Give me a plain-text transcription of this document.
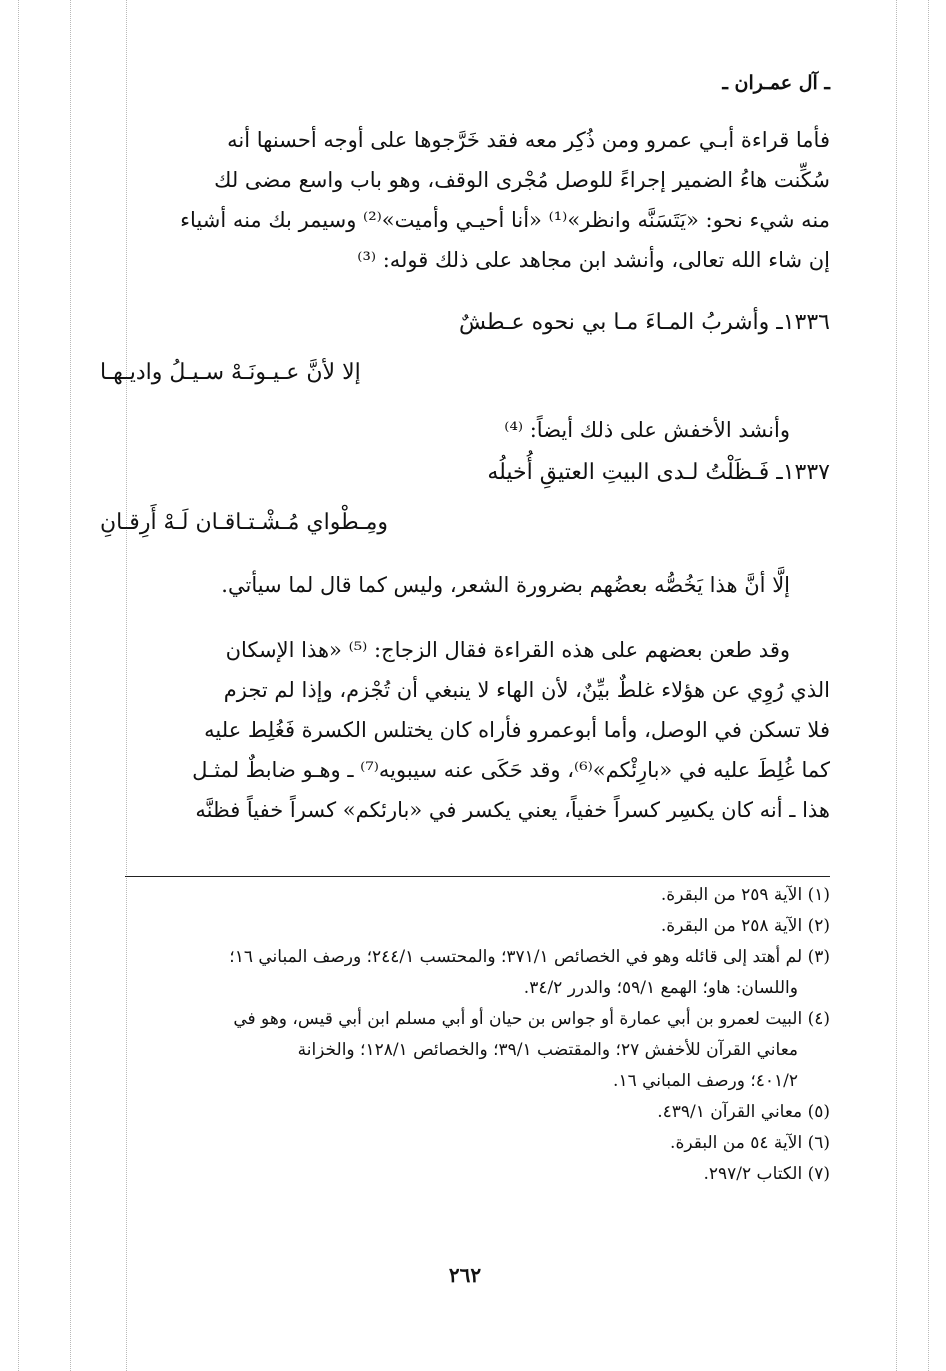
ـ آل عمـران ـ
فأما قراءة أبـي عمرو ومن ذُكِر معه فقد خَرَّجوها على أوجه أحسنها أنه
سُكِّنت هاءُ الضمير إجراءً للوصل مُجْرى الوقف، وهو باب واسع مضى لك
منه شيء نحو: «يَتَسَنَّه وانظر»⁽¹⁾ «أنا أحيـي وأميت»⁽²⁾ وسيمر بك منه أشياء
إن شاء الله تعالى، وأنشد ابن مجاهد على ذلك قوله: ⁽³⁾
١٣٣٦ـ وأشربُ المـاءَ مـا بي نحوه عـطشٌ
إلا لأنَّ عـيـونَـهْ سـيـلُ واديـهـا
وأنشد الأخفش على ذلك أيضاً: ⁽⁴⁾
١٣٣٧ـ فَـظَلْتُ لـدى البيتِ العتيقِ أُخيلُه
ومِـطْواي مُـشْـتـاقـان لَـهْ أَرِقـانِ
إلَّا أنَّ هذا يَخُصُّه بعضُهم بضرورة الشعر، وليس كما قال لما سيأتي.
وقد طعن بعضهم على هذه القراءة فقال الزجاج: ⁽⁵⁾ «هذا الإسكان
الذي رُوِي عن هؤلاء غلطٌ بيِّنٌ، لأن الهاء لا ينبغي أن تُجْزم، وإذا لم تجزم
فلا تسكن في الوصل، وأما أبوعمرو فأراه كان يختلس الكسرة فَغُلِط عليه
كما غُلِطَ عليه في «بارِئْكم»⁽⁶⁾، وقد حَكَى عنه سيبويه⁽⁷⁾ ـ وهـو ضابطٌ لمثـل
هذا ـ أنه كان يكسِر كسراً خفياً، يعني يكسر في «بارئكم» كسراً خفياً فظنَّه
(١) الآية ٢٥٩ من البقرة.
(٢) الآية ٢٥٨ من البقرة.
(٣) لم أهتد إلى قائله وهو في الخصائص ٣٧١/١؛ والمحتسب ٢٤٤/١؛ ورصف المباني ١٦؛
واللسان: هاو؛ الهمع ٥٩/١؛ والدرر ٣٤/٢.
(٤) البيت لعمرو بن أبي عمارة أو جواس بن حيان أو أبي مسلم ابن أبي قيس، وهو في
معاني القرآن للأخفش ٢٧؛ والمقتضب ٣٩/١؛ والخصائص ١٢٨/١؛ والخزانة
٤٠١/٢؛ ورصف المباني ١٦.
(٥) معاني القرآن ٤٣٩/١.
(٦) الآية ٥٤ من البقرة.
(٧) الكتاب ٢٩٧/٢.
٢٦٢
